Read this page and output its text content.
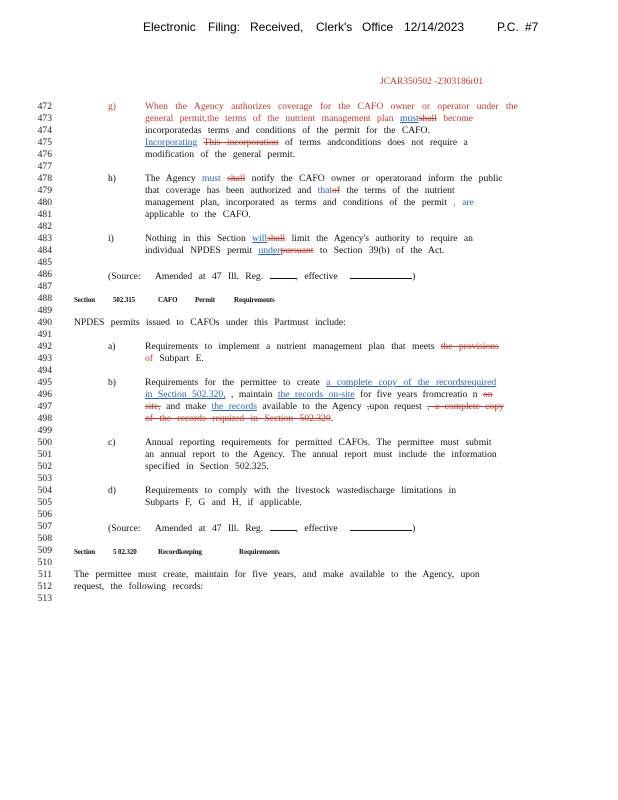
Electronic Filing: Received, Clerk's Office 12/14/2023	P.C. #7
JCAR350502 -2303186r01
472
473
474
475
476
477
478
479
480
481
482
483
484
485
486
487
488
489
490
491
492
493
494
495
496
497
498
499
500
501
502
503
504
505
506
507
508
509
510
511
512
513
g)	When the Agency authorizes coverage for the CAFO owner or operator under the
general permit,the terms of the nutrient management plan mustshall become
incorporatedas terms and conditions of the permit for the CAFO.
Incorporating This incorporation of terms andconditions does not require a
modification of the general permit.
h)	The Agency must shall notify the CAFO owner or operatorand inform the public
that coverage has been authorized and thatof the terms of the nutrient
management plan, incorporated as terms and conditions of the permit , are
applicable to the CAFO.
i)	Nothing in this Section willshall limit the Agency's authority to require an
individual NPDES permit underpursuant to Section 39(b) of the Act.
(Source: Amended at 47 Ill. Reg.	, effective	)
Section	502.315	CAFO	Permit	Requirements
NPDES permits issued to CAFOs under this Partmust include:
a)	Requirements to implement a nutrient management plan that meets the provisions
of Subpart E.
b)	Requirements for the permittee to create a complete copy of the recordsrequired
in Section 502.320, , maintain the records on-site for five years fromcreatio n on
site, and make the records available to the Agency ,upon request , a complete copy
of the records required in Section 502.320.
c)	Annual reporting requirements for permitted CAFOs. The permittee must submit
an annual report to the Agency. The annual report must include the information
specified in Section 502.325.
d)	Requirements to comply with the livestock wastedischarge limitations in
Subparts F, G and H, if applicable.
(Source: Amended at 47 Ill. Reg.	, effective	)
Section	5 02.320	Recordkeeping	Requirements
The permittee must create, maintain for five years, and make available to the Agency, upon
request, the following records:
